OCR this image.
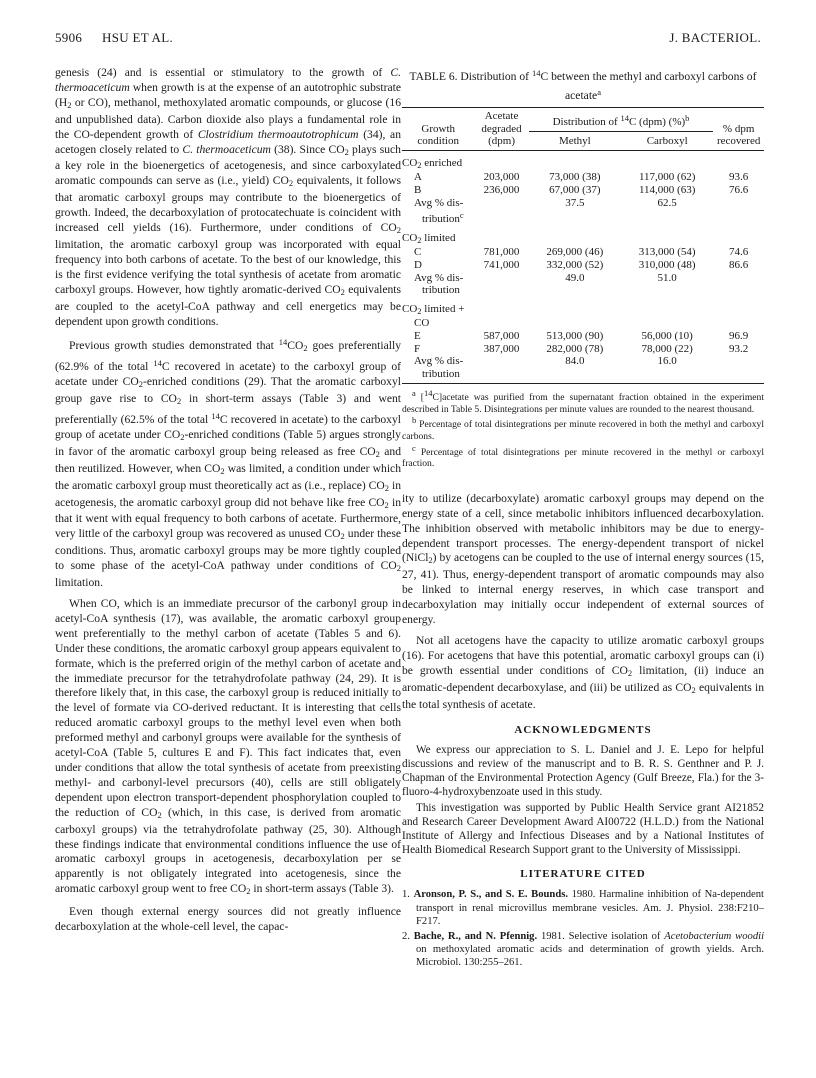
5906 HSU ET AL.	J. BACTERIOL.

genesis (24) and is essential or stimulatory to the growth of C. thermoaceticum when growth is at the expense of an autotrophic substrate ($H_2$ or CO), methanol, methoxylated aromatic compounds, or glucose (16 and unpublished data). Carbon dioxide also plays a fundamental role in the CO-dependent growth of Clostridium thermoautotrophicum (34), an acetogen closely related to C. thermoaceticum (38). Since $CO_2$ plays such a key role in the bioenergetics of acetogenesis, and since carboxylated aromatic compounds can serve as (i.e., yield) $CO_2$ equivalents, it follows that aromatic carboxyl groups may contribute to the bioenergetics of growth. Indeed, the decarboxylation of protocatechuate is coincident with increased cell yields (16). Furthermore, under conditions of $CO_2$ limitation, the aromatic carboxyl group was incorporated with equal frequency into both carbons of acetate. To the best of our knowledge, this is the first evidence verifying the total synthesis of acetate from aromatic carboxyl groups. However, how tightly aromatic-derived $CO_2$ equivalents are coupled to the acetyl-CoA pathway and cell energetics may be dependent upon growth conditions.

Previous growth studies demonstrated that $^{14}CO_2$ goes preferentially (62.9% of the total $^{14}$C recovered in acetate) to the carboxyl group of acetate under $CO_2$-enriched conditions (29). That the aromatic carboxyl group gave rise to $CO_2$ in short-term assays (Table 3) and went preferentially (62.5% of the total $^{14}$C recovered in acetate) to the carboxyl group of acetate under $CO_2$-enriched conditions (Table 5) argues strongly in favor of the aromatic carboxyl group being released as free $CO_2$ and then reutilized. However, when $CO_2$ was limited, a condition under which the aromatic carboxyl group must theoretically act as (i.e., replace) $CO_2$ in acetogenesis, the aromatic carboxyl group did not behave like free $CO_2$ in that it went with equal frequency to both carbons of acetate. Furthermore, very little of the carboxyl group was recovered as unused $CO_2$ under these conditions. Thus, aromatic carboxyl groups may be more tightly coupled to some phase of the acetyl-CoA pathway under conditions of $CO_2$ limitation.

When CO, which is an immediate precursor of the carbonyl group in acetyl-CoA synthesis (17), was available, the aromatic carboxyl group went preferentially to the methyl carbon of acetate (Tables 5 and 6). Under these conditions, the aromatic carboxyl group appears equivalent to formate, which is the preferred origin of the methyl carbon of acetate and the immediate precursor for the tetrahydrofolate pathway (24, 29). It is therefore likely that, in this case, the carboxyl group is reduced initially to the level of formate via CO-derived reductant. It is interesting that cells reduced aromatic carboxyl groups to the methyl level even when both preformed methyl and carbonyl groups were available for the synthesis of acetyl-CoA (Table 5, cultures E and F). This fact indicates that, even under conditions that allow the total synthesis of acetate from preexisting methyl- and carbonyl-level precursors (40), cells are still obligately dependent upon electron transport-dependent phosphorylation coupled to the reduction of $CO_2$ (which, in this case, is derived from aromatic carboxyl groups) via the tetrahydrofolate pathway (25, 30). Although these findings indicate that environmental conditions influence the use of aromatic carboxyl groups in acetogenesis, decarboxylation per se apparently is not obligately integrated into acetogenesis, since the aromatic carboxyl group went to free $CO_2$ in short-term assays (Table 3).

Even though external energy sources did not greatly influence decarboxylation at the whole-cell level, the capac-

TABLE 6. Distribution of $^{14}$C between the methyl and carboxyl carbons of acetate$^a$
Growth condition	Acetate degraded (dpm)	Distribution of $^{14}$C (dpm) (%)$^b$		% dpm recovered
		Methyl	Carboxyl	
$CO_2$ enriched				
A	203,000	73,000 (38)	117,000 (62)	93.6
B	236,000	67,000 (37)	114,000 (63)	76.6
Avg % dis-		37.5	62.5	
tribution$^c$				
$CO_2$ limited				
C	781,000	269,000 (46)	313,000 (54)	74.6
D	741,000	332,000 (52)	310,000 (48)	86.6
Avg % dis-		49.0	51.0	
tribution				
$CO_2$ limited +				
CO				
E	587,000	513,000 (90)	56,000 (10)	96.9
F	387,000	282,000 (78)	78,000 (22)	93.2
Avg % dis-		84.0	16.0	
tribution				

a [14C]acetate was purified from the supernatant fraction obtained in the experiment described in Table 5. Disintegrations per minute values are rounded to the nearest thousand.

b Percentage of total disintegrations per minute recovered in both the methyl and carboxyl carbons.

c Percentage of total disintegrations per minute recovered in the methyl or carboxyl fraction.

ity to utilize (decarboxylate) aromatic carboxyl groups may depend on the energy state of a cell, since metabolic inhibitors influenced decarboxylation. The inhibition observed with metabolic inhibitors may be due to energy-dependent transport processes. The energy-dependent transport of nickel (NiCl$_2$) by acetogens can be coupled to the use of internal energy sources (15, 27, 41). Thus, energy-dependent transport of aromatic compounds may also be linked to internal energy reserves, in which case transport and decarboxylation may initially occur independent of external sources of energy.

Not all acetogens have the capacity to utilize aromatic carboxyl groups (16). For acetogens that have this potential, aromatic carboxyl groups can (i) be growth essential under conditions of $CO_2$ limitation, (ii) induce an aromatic-dependent decarboxylase, and (iii) be utilized as $CO_2$ equivalents in the total synthesis of acetate.

ACKNOWLEDGMENTS

We express our appreciation to S. L. Daniel and J. E. Lepo for helpful discussions and review of the manuscript and to B. R. S. Genthner and P. J. Chapman of the Environmental Protection Agency (Gulf Breeze, Fla.) for the 3-fluoro-4-hydroxybenzoate used in this study.

This investigation was supported by Public Health Service grant AI21852 and Research Career Development Award AI00722 (H.L.D.) from the National Institute of Allergy and Infectious Diseases and by a National Institutes of Health Biomedical Research Support grant to the University of Mississippi.

LITERATURE CITED

1. Aronson, P. S., and S. E. Bounds. 1980. Harmaline inhibition of Na-dependent transport in renal microvillus membrane vesicles. Am. J. Physiol. 238:F210–F217.

2. Bache, R., and N. Pfennig. 1981. Selective isolation of Acetobacterium woodii on methoxylated aromatic acids and determination of growth yields. Arch. Microbiol. 130:255–261.
